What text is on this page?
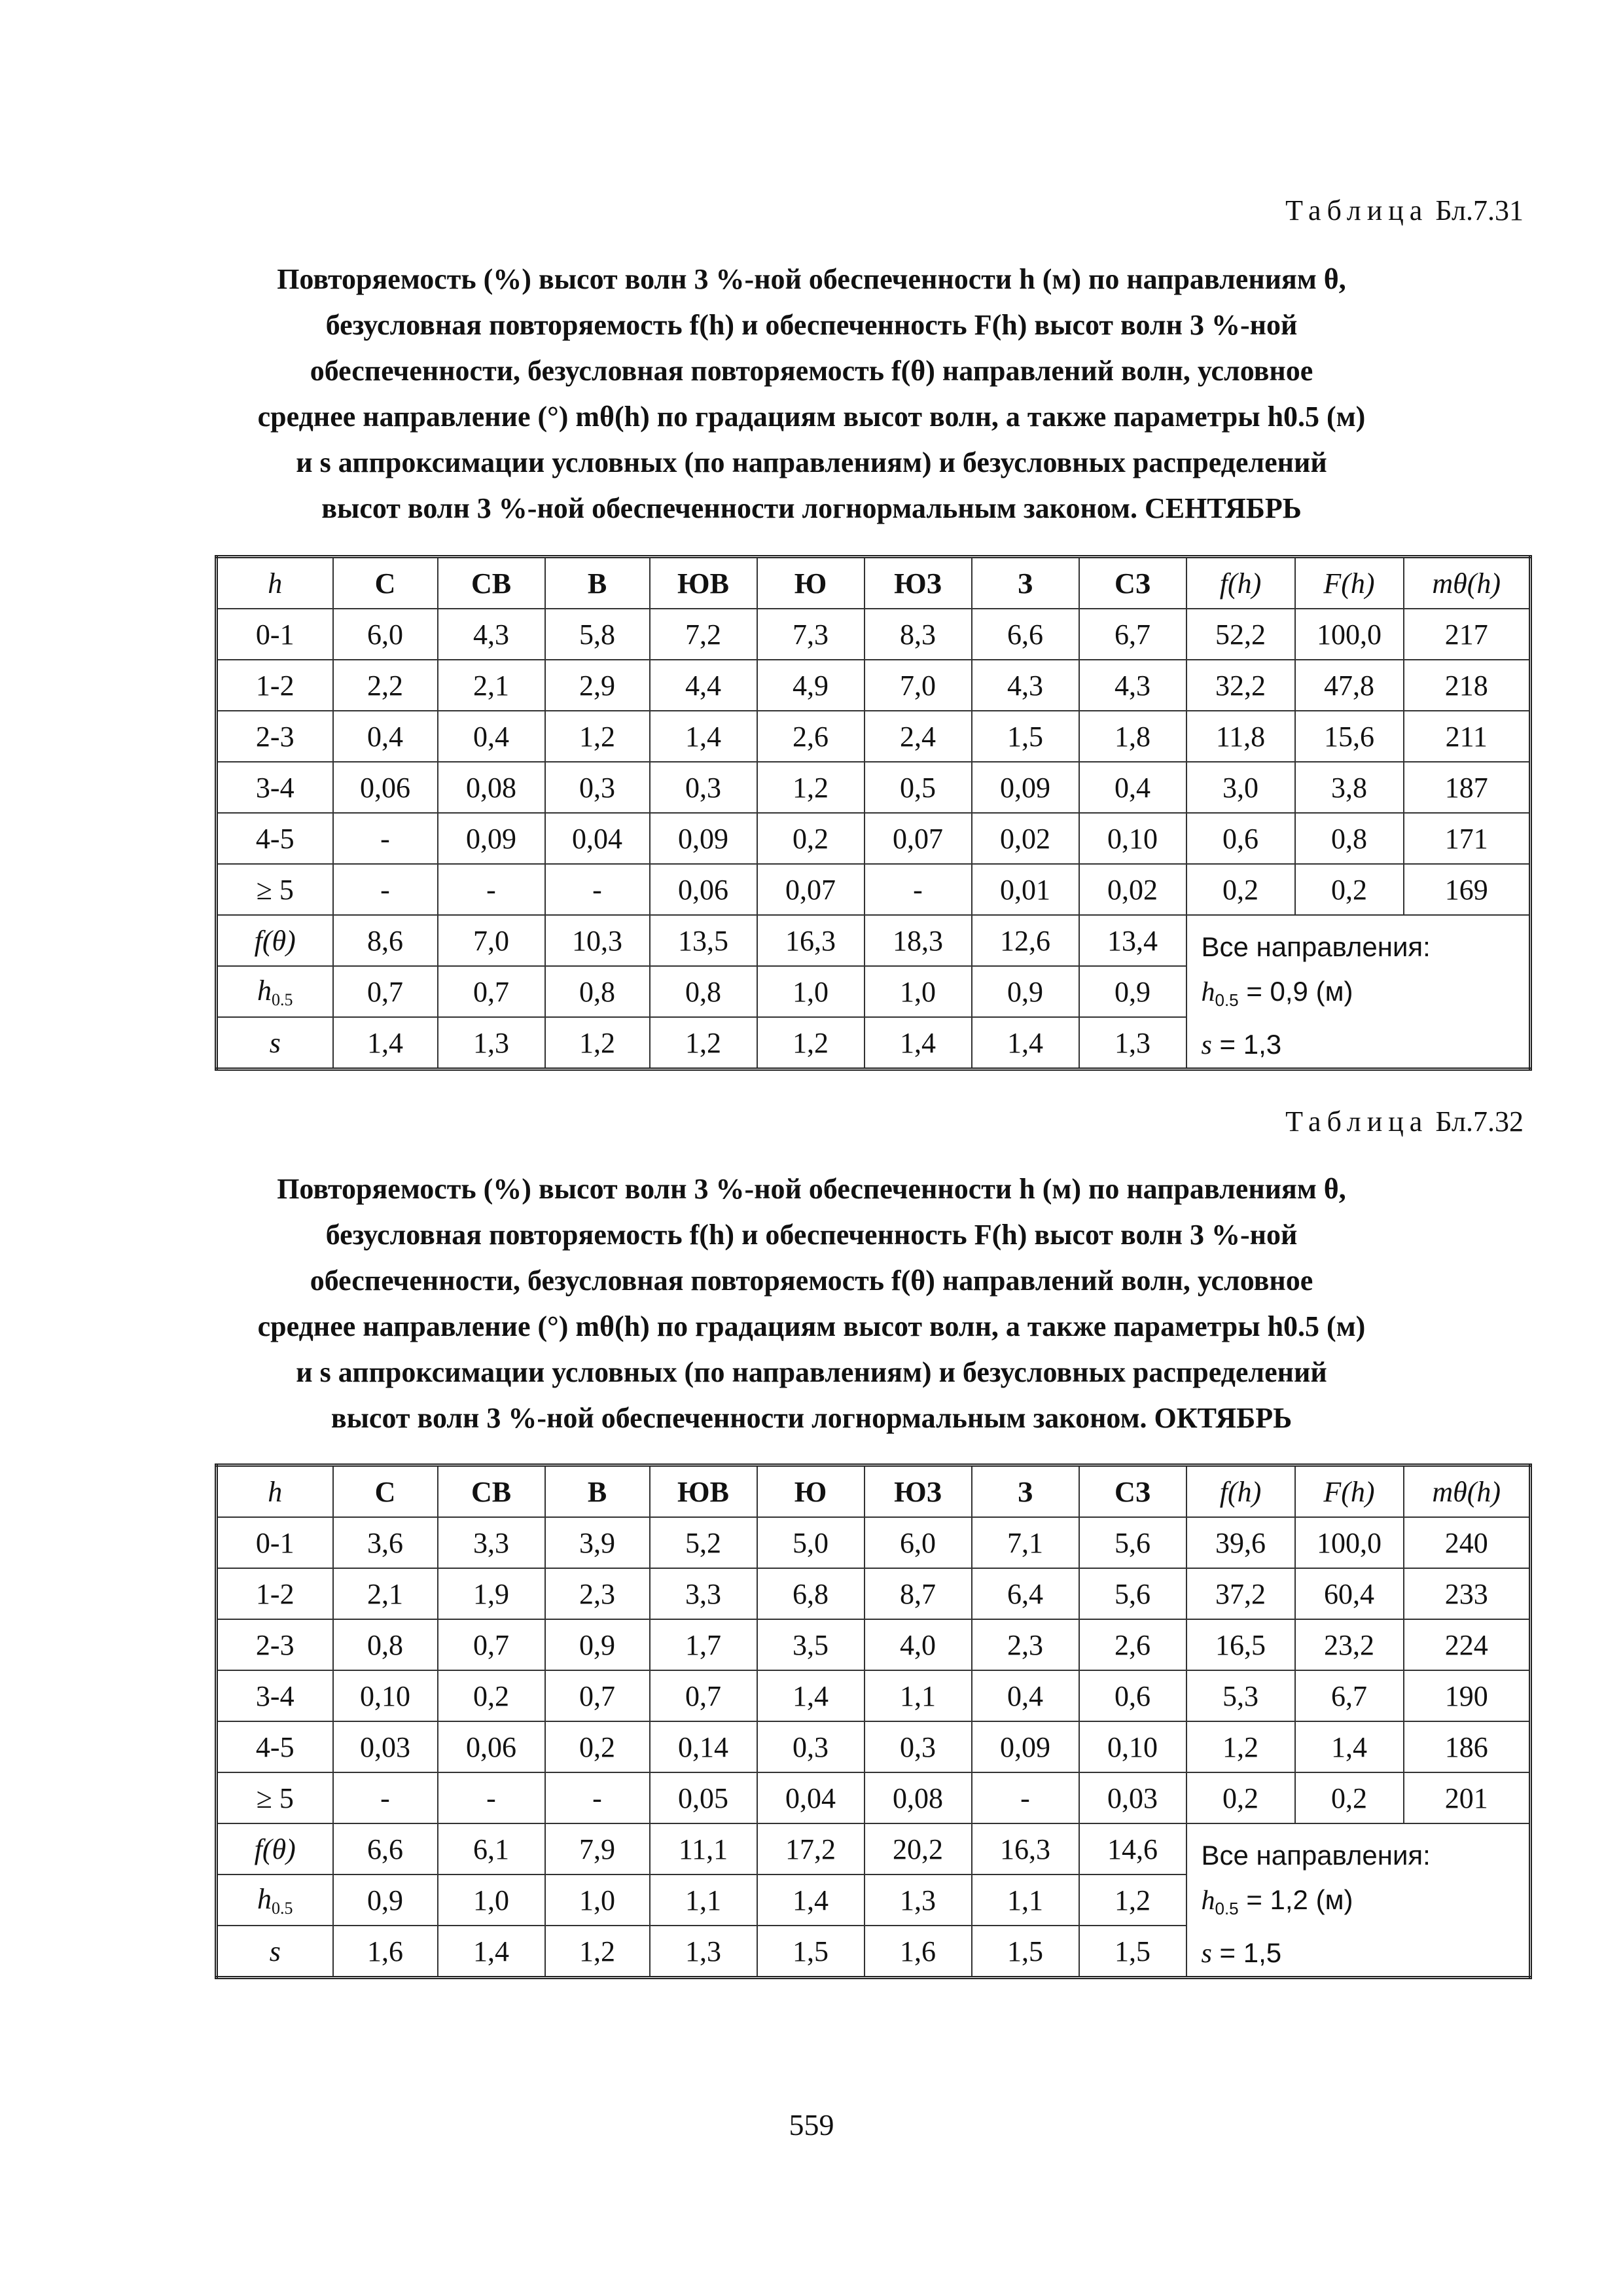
Таблица Бл.7.31
Повторяемость (%) высот волн 3 %-ной обеспеченности h (м) по направлениям θ,
безусловная повторяемость f(h) и обеспеченность F(h) высот волн 3 %-ной
обеспеченности, безусловная повторяемость f(θ) направлений волн, условное
среднее направление (°) mθ(h) по градациям высот волн, а также параметры h0.5 (м)
и s аппроксимации условных (по направлениям) и безусловных распределений
высот волн 3 %-ной обеспеченности логнормальным законом. СЕНТЯБРЬ
h	С	СВ	В	ЮВ	Ю	ЮЗ	З	СЗ	f(h)	F(h)	mθ(h)
0-1	6,0	4,3	5,8	7,2	7,3	8,3	6,6	6,7	52,2	100,0	217
1-2	2,2	2,1	2,9	4,4	4,9	7,0	4,3	4,3	32,2	47,8	218
2-3	0,4	0,4	1,2	1,4	2,6	2,4	1,5	1,8	11,8	15,6	211
3-4	0,06	0,08	0,3	0,3	1,2	0,5	0,09	0,4	3,0	3,8	187
4-5	-	0,09	0,04	0,09	0,2	0,07	0,02	0,10	0,6	0,8	171
≥ 5	-	-	-	0,06	0,07	-	0,01	0,02	0,2	0,2	169
f(θ)	8,6	7,0	10,3	13,5	16,3	18,3	12,6	13,4	Все направления:
$h_{0.5} = 0,9$ (м)
s = 1,3		

$h_{0.5}$	0,7	0,7	0,8	0,8	1,0	1,0	0,9	0,9			
s	1,4	1,3	1,2	1,2	1,2	1,4	1,4	1,3			
Таблица Бл.7.32
Повторяемость (%) высот волн 3 %-ной обеспеченности h (м) по направлениям θ,
безусловная повторяемость f(h) и обеспеченность F(h) высот волн 3 %-ной
обеспеченности, безусловная повторяемость f(θ) направлений волн, условное
среднее направление (°) mθ(h) по градациям высот волн, а также параметры h0.5 (м)
и s аппроксимации условных (по направлениям) и безусловных распределений
высот волн 3 %-ной обеспеченности логнормальным законом. ОКТЯБРЬ
h	С	СВ	В	ЮВ	Ю	ЮЗ	З	СЗ	f(h)	F(h)	mθ(h)
0-1	3,6	3,3	3,9	5,2	5,0	6,0	7,1	5,6	39,6	100,0	240
1-2	2,1	1,9	2,3	3,3	6,8	8,7	6,4	5,6	37,2	60,4	233
2-3	0,8	0,7	0,9	1,7	3,5	4,0	2,3	2,6	16,5	23,2	224
3-4	0,10	0,2	0,7	0,7	1,4	1,1	0,4	0,6	5,3	6,7	190
4-5	0,03	0,06	0,2	0,14	0,3	0,3	0,09	0,10	1,2	1,4	186
≥ 5	-	-	-	0,05	0,04	0,08	-	0,03	0,2	0,2	201
f(θ)	6,6	6,1	7,9	11,1	17,2	20,2	16,3	14,6	Все направления:
$h_{0.5} = 1,2$ (м)
s = 1,5		

$h_{0.5}$	0,9	1,0	1,0	1,1	1,4	1,3	1,1	1,2			
s	1,6	1,4	1,2	1,3	1,5	1,6	1,5	1,5			
559
